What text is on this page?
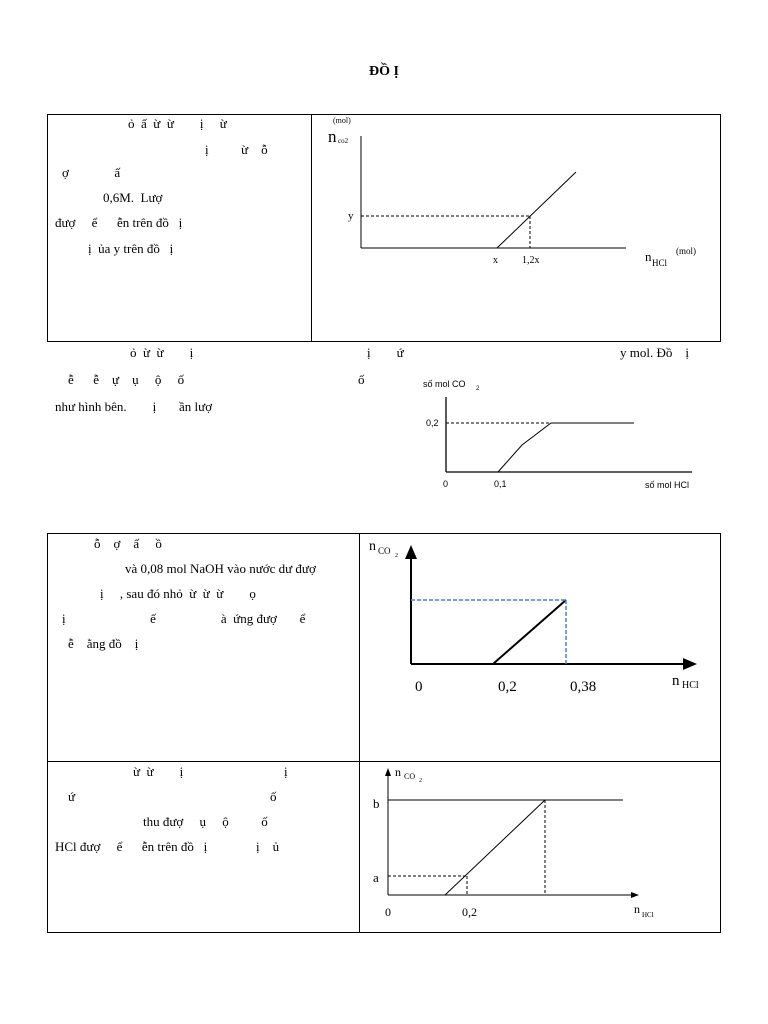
ĐỒ Ị
ỏ  ấ  ừ  ừ        ị     ừ
ị          ừ    ỗ
ợ              ấ
0,6M.  Lượ
đượ     ể      ễn trên đồ   ị
ị  ủa y trên đồ   ị
(mol)
n co2
y
x 1,2x	n HCl
(mol)
ỏ  ừ  ừ        ị	ị        ứ	y mol. Đồ    ị
ễ      ễ    ự    ụ     ộ     ố	ố
như hình bên.        ị       ần lượ
số mol CO 2
0,2
0	0,1	số mol HCl
ỗ    ợ    ấ     ồ
và 0,08 mol NaOH vào nước dư đượ
ị     , sau đó nhỏ  ừ  ừ  ừ        ọ
ị                          ế                    à  ứng đượ       ể
ễ    ằng đồ    ị
n CO 2
0	0,2	0,38	n HCl
ừ  ừ        ị                               ị
ứ                                                            ố
thu đượ     ụ     ộ          ố
HCl đượ     ể      ễn trên đồ   ị               ị    ủ
n CO 2
b
a
0	0,2	n HCl
